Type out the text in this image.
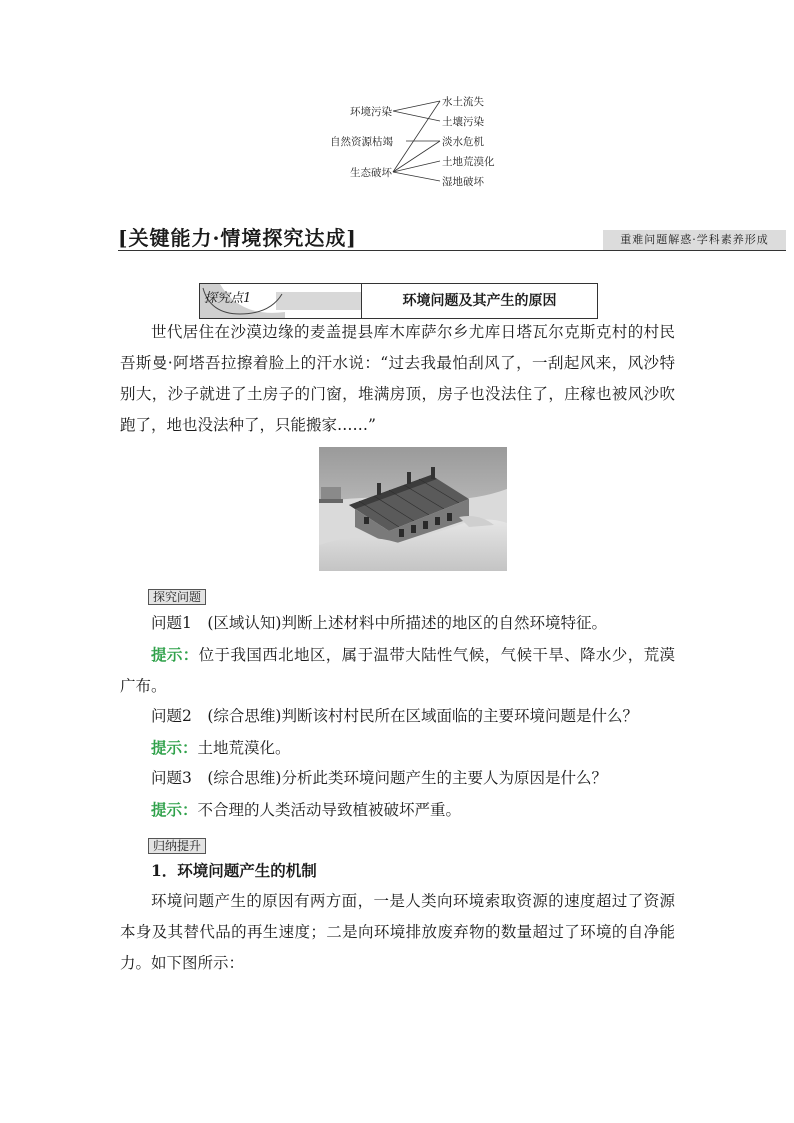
环境污染
自然资源枯竭
生态破坏
水土流失
土壤污染
淡水危机
土地荒漠化
湿地破坏
[关键能力·情境探究达成]	重难问题解惑·学科素养形成
探究点1	环境问题及其产生的原因
世代居住在沙漠边缘的麦盖提县库木库萨尔乡尤库日塔瓦尔克斯克村的村民吾斯曼·阿塔吾拉擦着脸上的汗水说：“过去我最怕刮风了，一刮起风来，风沙特别大，沙子就进了土房子的门窗，堆满房顶，房子也没法住了，庄稼也被风沙吹跑了，地也没法种了，只能搬家……”
探究问题
问题1　(区域认知)判断上述材料中所描述的地区的自然环境特征。
提示：位于我国西北地区，属于温带大陆性气候，气候干旱、降水少，荒漠广布。
问题2　(综合思维)判断该村村民所在区域面临的主要环境问题是什么？
提示：土地荒漠化。
问题3　(综合思维)分析此类环境问题产生的主要人为原因是什么？
提示：不合理的人类活动导致植被破坏严重。
归纳提升
1．环境问题产生的机制
环境问题产生的原因有两方面，一是人类向环境索取资源的速度超过了资源本身及其替代品的再生速度；二是向环境排放废弃物的数量超过了环境的自净能力。如下图所示：
